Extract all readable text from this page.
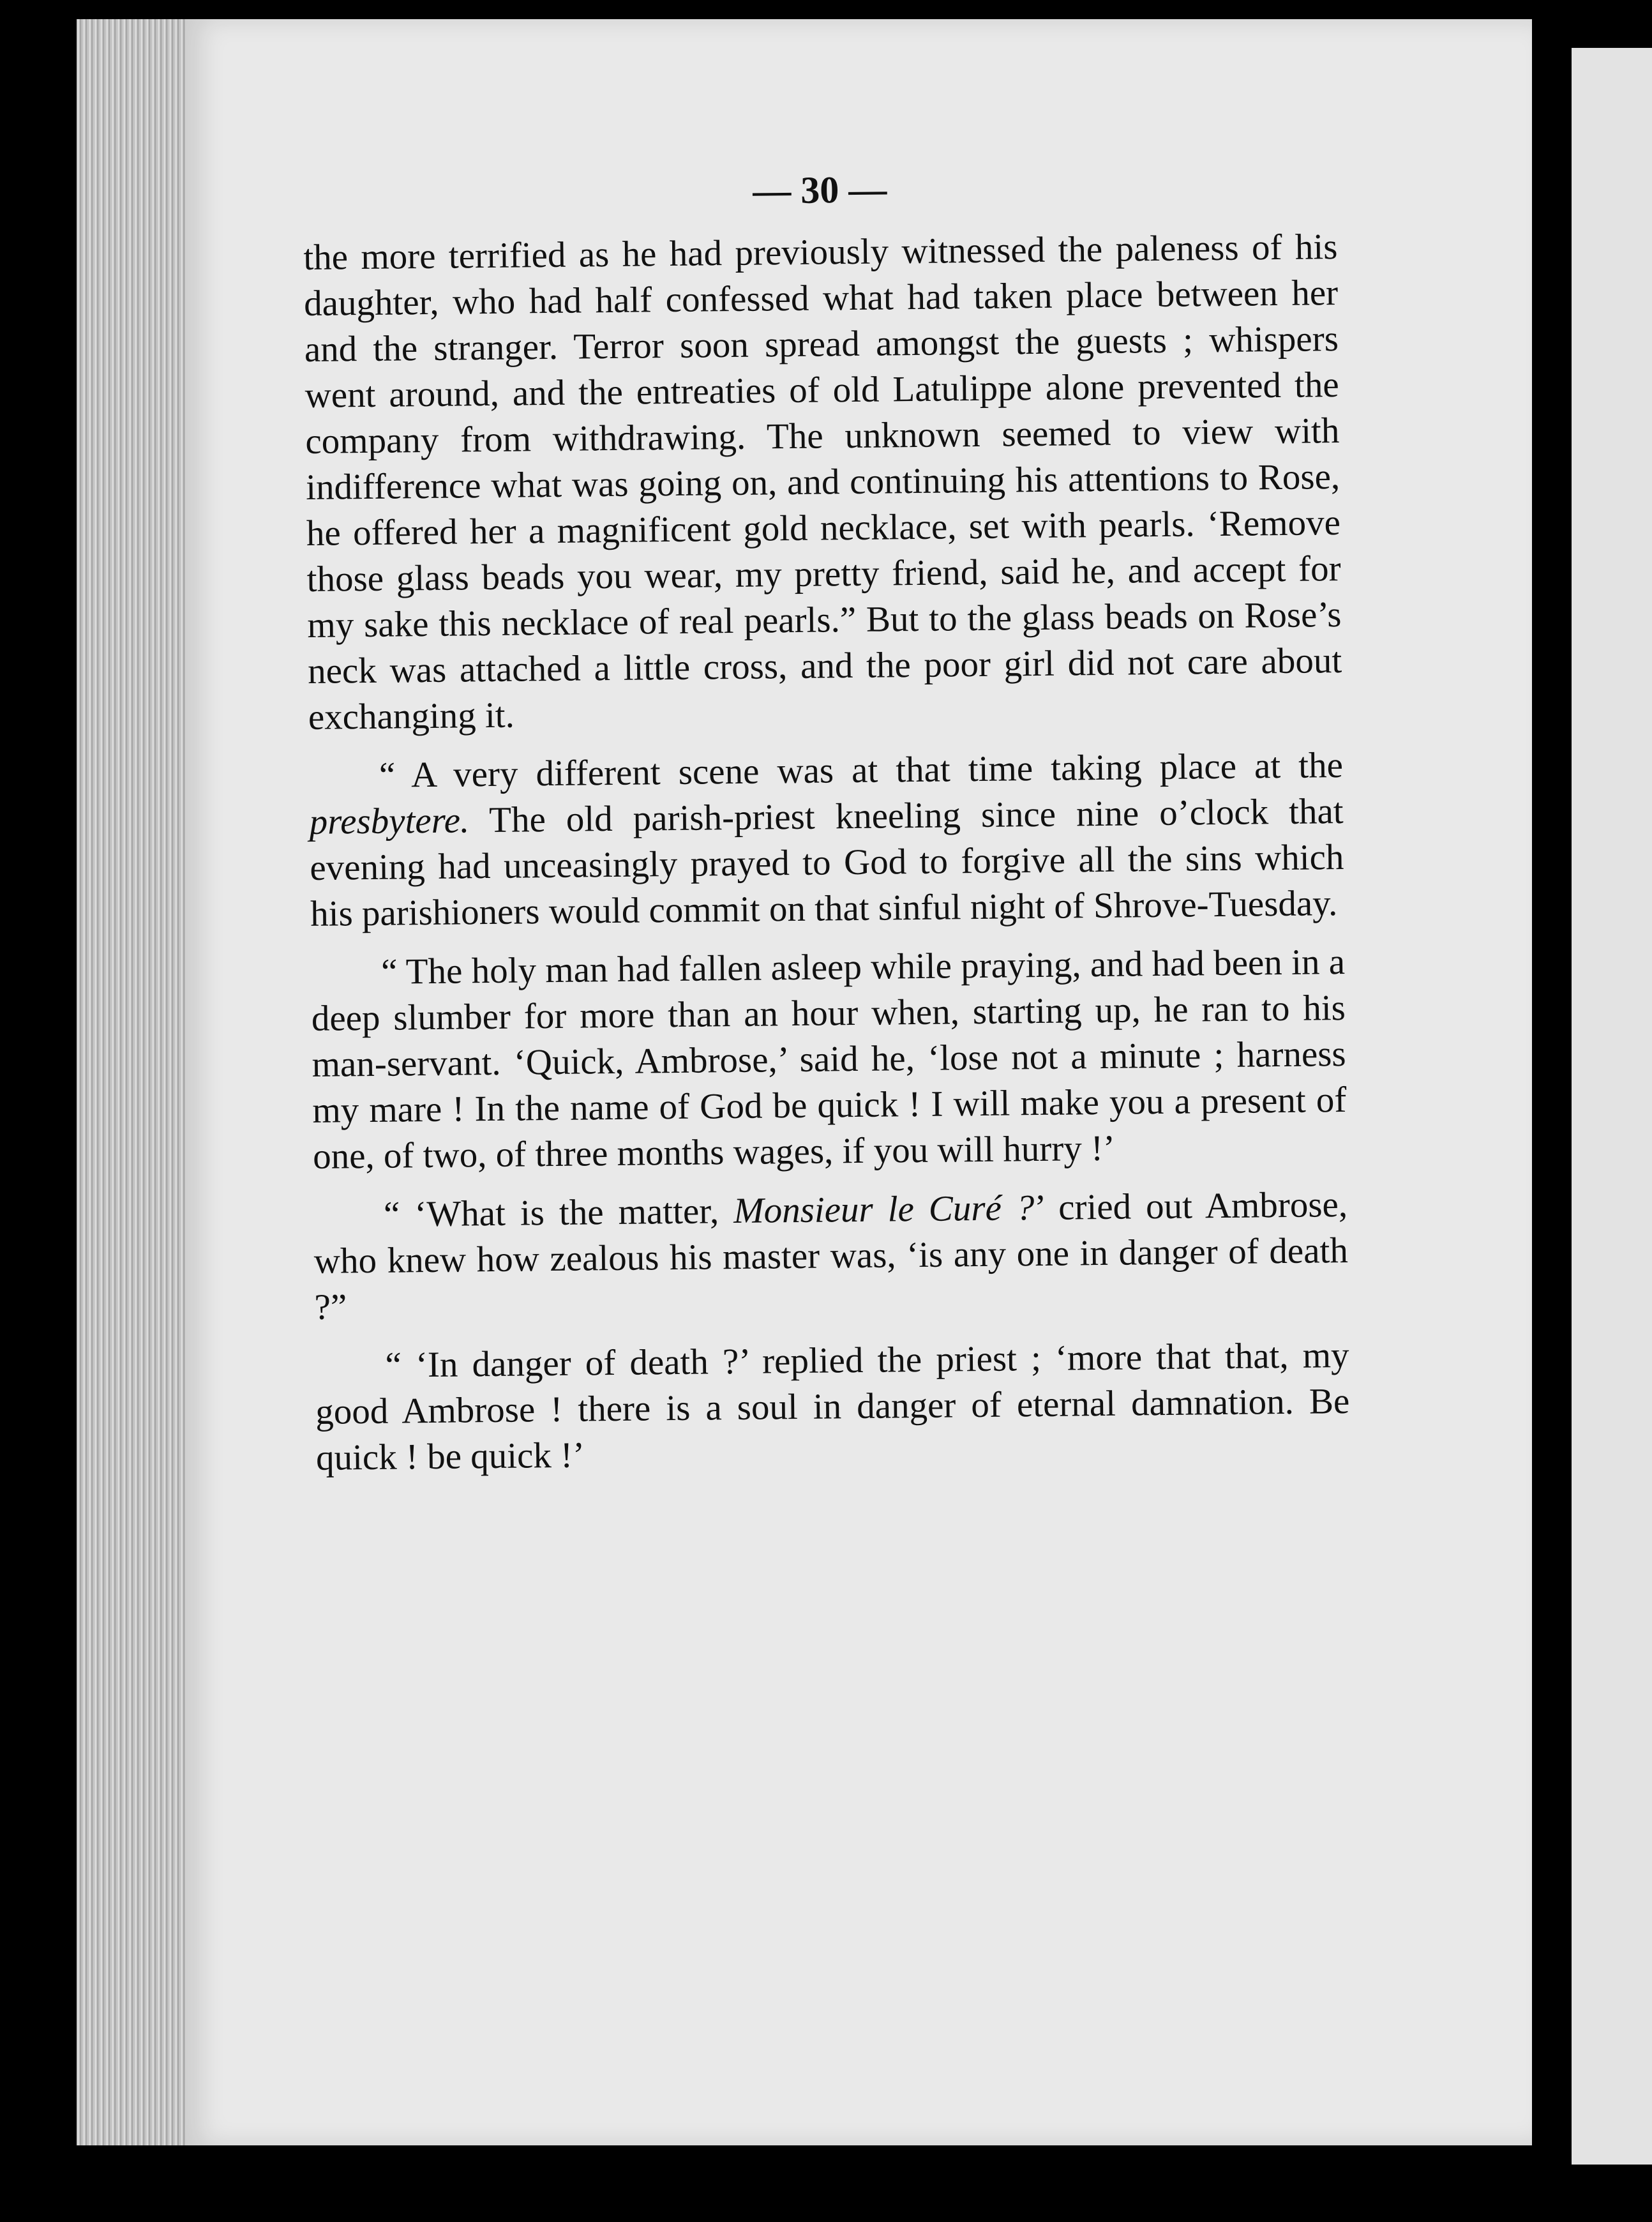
— 30 —

the more terrified as he had previously witnessed the paleness of his daughter, who had half confessed what had taken place between her and the stranger. Terror soon spread amongst the guests ; whispers went around, and the entreaties of old Latulippe alone prevented the company from withdrawing. The unknown seemed to view with indifference what was going on, and continuing his attentions to Rose, he offered her a magnificent gold necklace, set with pearls. ‘Remove those glass beads you wear, my pretty friend, said he, and accept for my sake this necklace of real pearls.” But to the glass beads on Rose’s neck was attached a little cross, and the poor girl did not care about exchanging it.

“ A very different scene was at that time taking place at the presbytere. The old parish-priest kneeling since nine o’clock that evening had unceasingly prayed to God to forgive all the sins which his parishioners would commit on that sinful night of Shrove-Tuesday.

“ The holy man had fallen asleep while praying, and had been in a deep slumber for more than an hour when, starting up, he ran to his man-servant. ‘Quick, Ambrose,’ said he, ‘lose not a minute ; harness my mare ! In the name of God be quick ! I will make you a present of one, of two, of three months wages, if you will hurry !’

“ ‘What is the matter, Monsieur le Curé ?’ cried out Ambrose, who knew how zealous his master was, ‘is any one in danger of death ?”

“ ‘In danger of death ?’ replied the priest ; ‘more that that, my good Ambrose ! there is a soul in danger of eternal damnation. Be quick ! be quick !’
